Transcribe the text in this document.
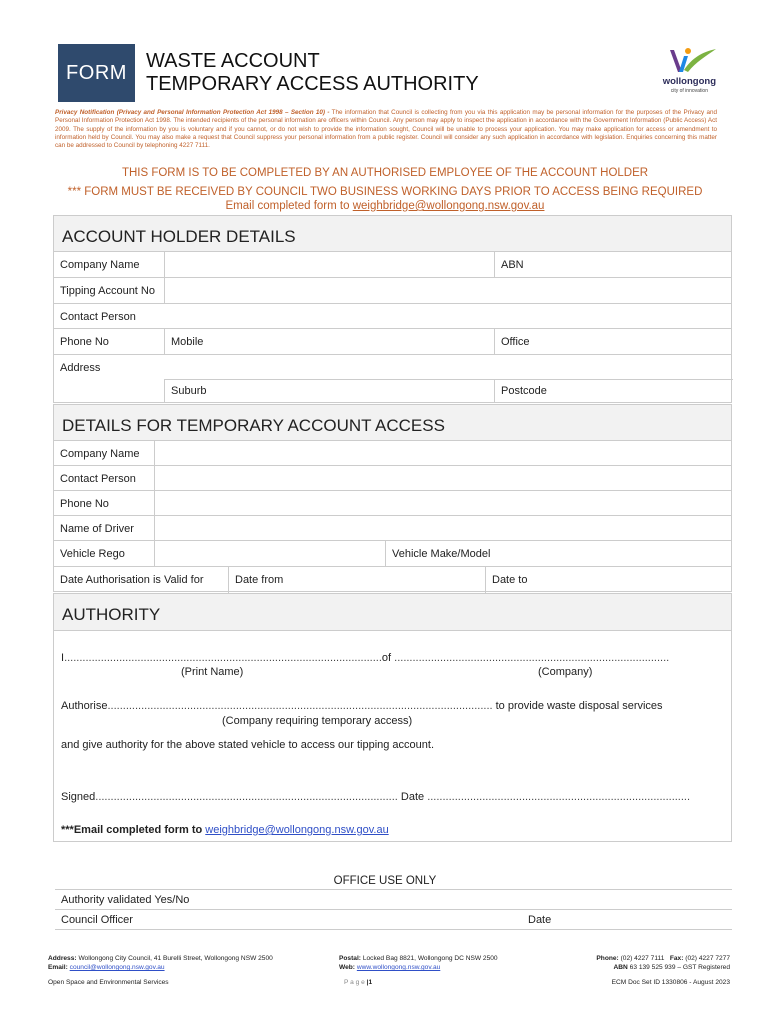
FORM
WASTE ACCOUNT
TEMPORARY ACCESS AUTHORITY	wollongong
city of innovation
Privacy Notification (Privacy and Personal Information Protection Act 1998 – Section 10) - The information that Council is collecting from you via this application may be personal information for the purposes of the Privacy and Personal Information Protection Act 1998. The intended recipients of the personal information are officers within Council. Any person may apply to inspect the application in accordance with the Government Information (Public Access) Act 2009. The supply of the information by you is voluntary and if you cannot, or do not wish to provide the information sought, Council will be unable to process your application. You may make application for access or amendment to information held by Council. You may also make a request that Council suppress your personal information from a public register. Council will consider any such application in accordance with legislation. Enquiries concerning this matter can be addressed to Council by telephoning 4227 7111.
THIS FORM IS TO BE COMPLETED BY AN AUTHORISED EMPLOYEE OF THE ACCOUNT HOLDER
*** FORM MUST BE RECEIVED BY COUNCIL TWO BUSINESS WORKING DAYS PRIOR TO ACCESS BEING REQUIRED
Email completed form to weighbridge@wollongong.nsw.gov.au
ACCOUNT HOLDER DETAILS
Company Name	ABN
Tipping Account No
Contact Person
Phone No	Mobile	Office
Address
Suburb	Postcode
DETAILS FOR TEMPORARY ACCOUNT ACCESS
Company Name
Contact Person
Phone No
Name of Driver
Vehicle Rego	Vehicle Make/Model
Date Authorisation is Valid for	Date from	Date to
AUTHORITY
I........................................................................................................of ..........................................................................................
(Print Name)	(Company)
Authorise.............................................................................................................................. to provide waste disposal services
(Company requiring temporary access)
and give authority for the above stated vehicle to access our tipping account.
Signed................................................................................................... Date ......................................................................................
***Email completed form to weighbridge@wollongong.nsw.gov.au
OFFICE USE ONLY
Authority validated Yes/No
Council Officer	Date
Address: Wollongong City Council, 41 Burelli Street, Wollongong NSW 2500
Email: council@wollongong.nsw.gov.au
Postal: Locked Bag 8821, Wollongong DC NSW 2500
Web: www.wollongong.nsw.gov.au
Phone: (02) 4227 7111 Fax: (02) 4227 7277
ABN 63 139 525 939 – GST Registered
Open Space and Environmental Services	P a g e |1	ECM Doc Set ID 1330806 - August 2023
